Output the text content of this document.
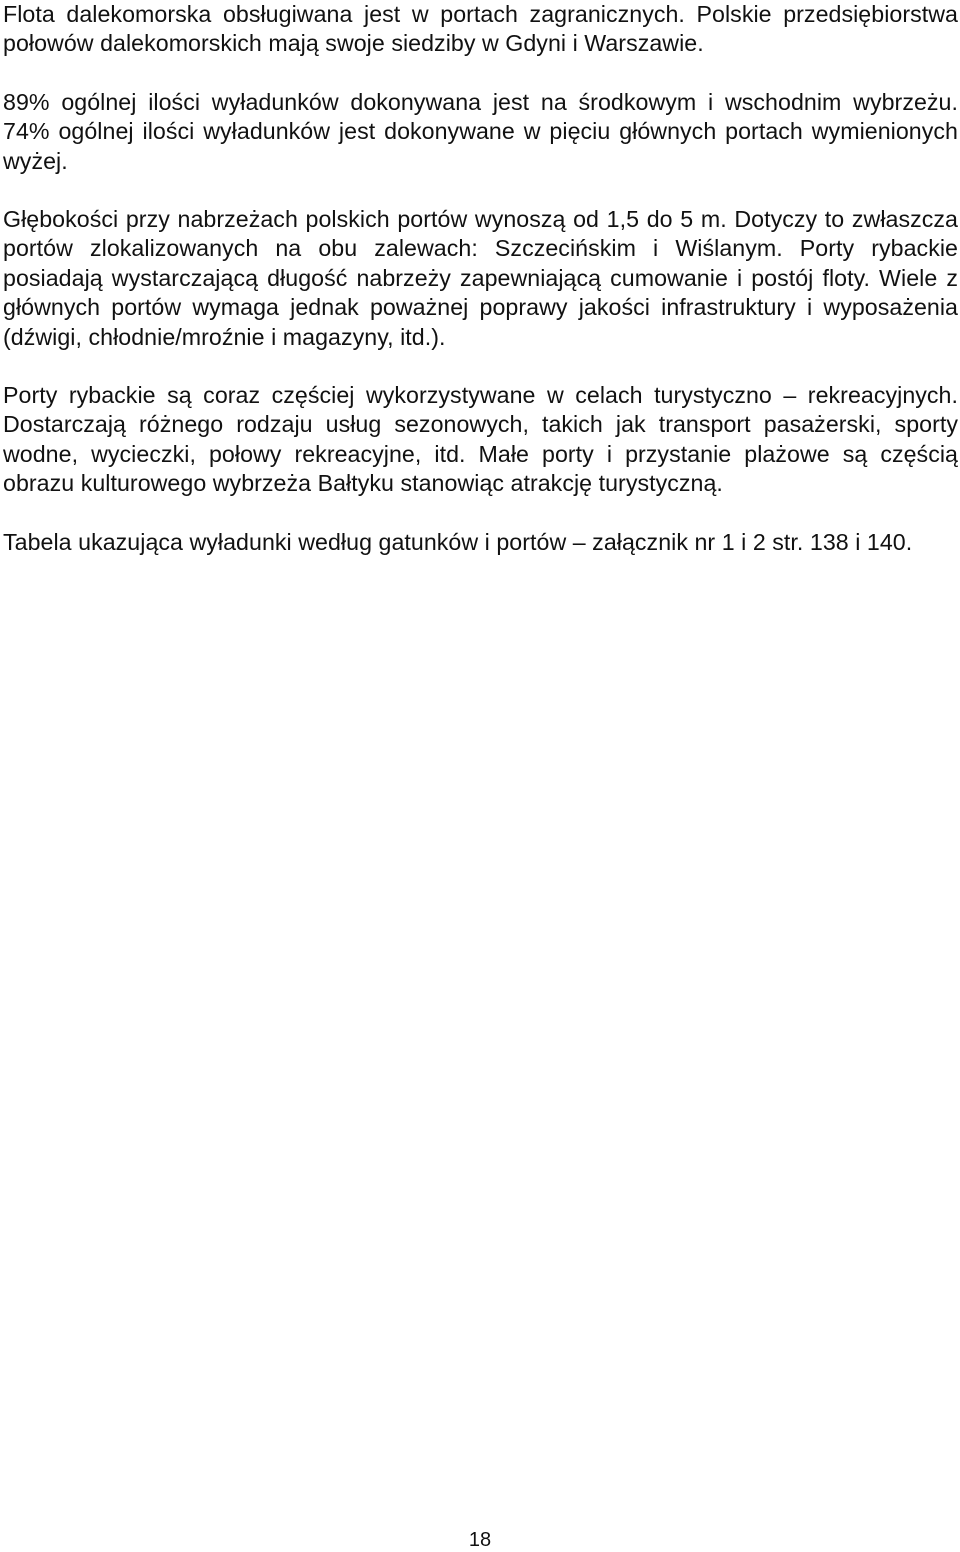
Flota dalekomorska obsługiwana jest w portach zagranicznych. Polskie przedsiębiorstwa połowów dalekomorskich mają swoje siedziby w Gdyni i Warszawie.

89% ogólnej ilości wyładunków dokonywana jest na środkowym i wschodnim wybrzeżu. 74% ogólnej ilości wyładunków jest dokonywane w pięciu głównych portach wymienionych wyżej.

Głębokości przy nabrzeżach polskich portów wynoszą od 1,5 do 5 m. Dotyczy to zwłaszcza portów zlokalizowanych na obu zalewach: Szczecińskim i Wiślanym. Porty rybackie posiadają wystarczającą długość nabrzeży zapewniającą cumowanie i postój floty. Wiele z głównych portów wymaga jednak poważnej poprawy jakości infrastruktury i wyposażenia (dźwigi, chłodnie/mroźnie i magazyny, itd.).

Porty rybackie są coraz częściej wykorzystywane w celach turystyczno – rekreacyjnych. Dostarczają różnego rodzaju usług sezonowych, takich jak transport pasażerski, sporty wodne, wycieczki, połowy rekreacyjne, itd. Małe porty i przystanie plażowe są częścią obrazu kulturowego wybrzeża Bałtyku stanowiąc atrakcję turystyczną.

Tabela ukazująca wyładunki według gatunków i portów – załącznik nr 1 i 2 str. 138 i 140.

18
